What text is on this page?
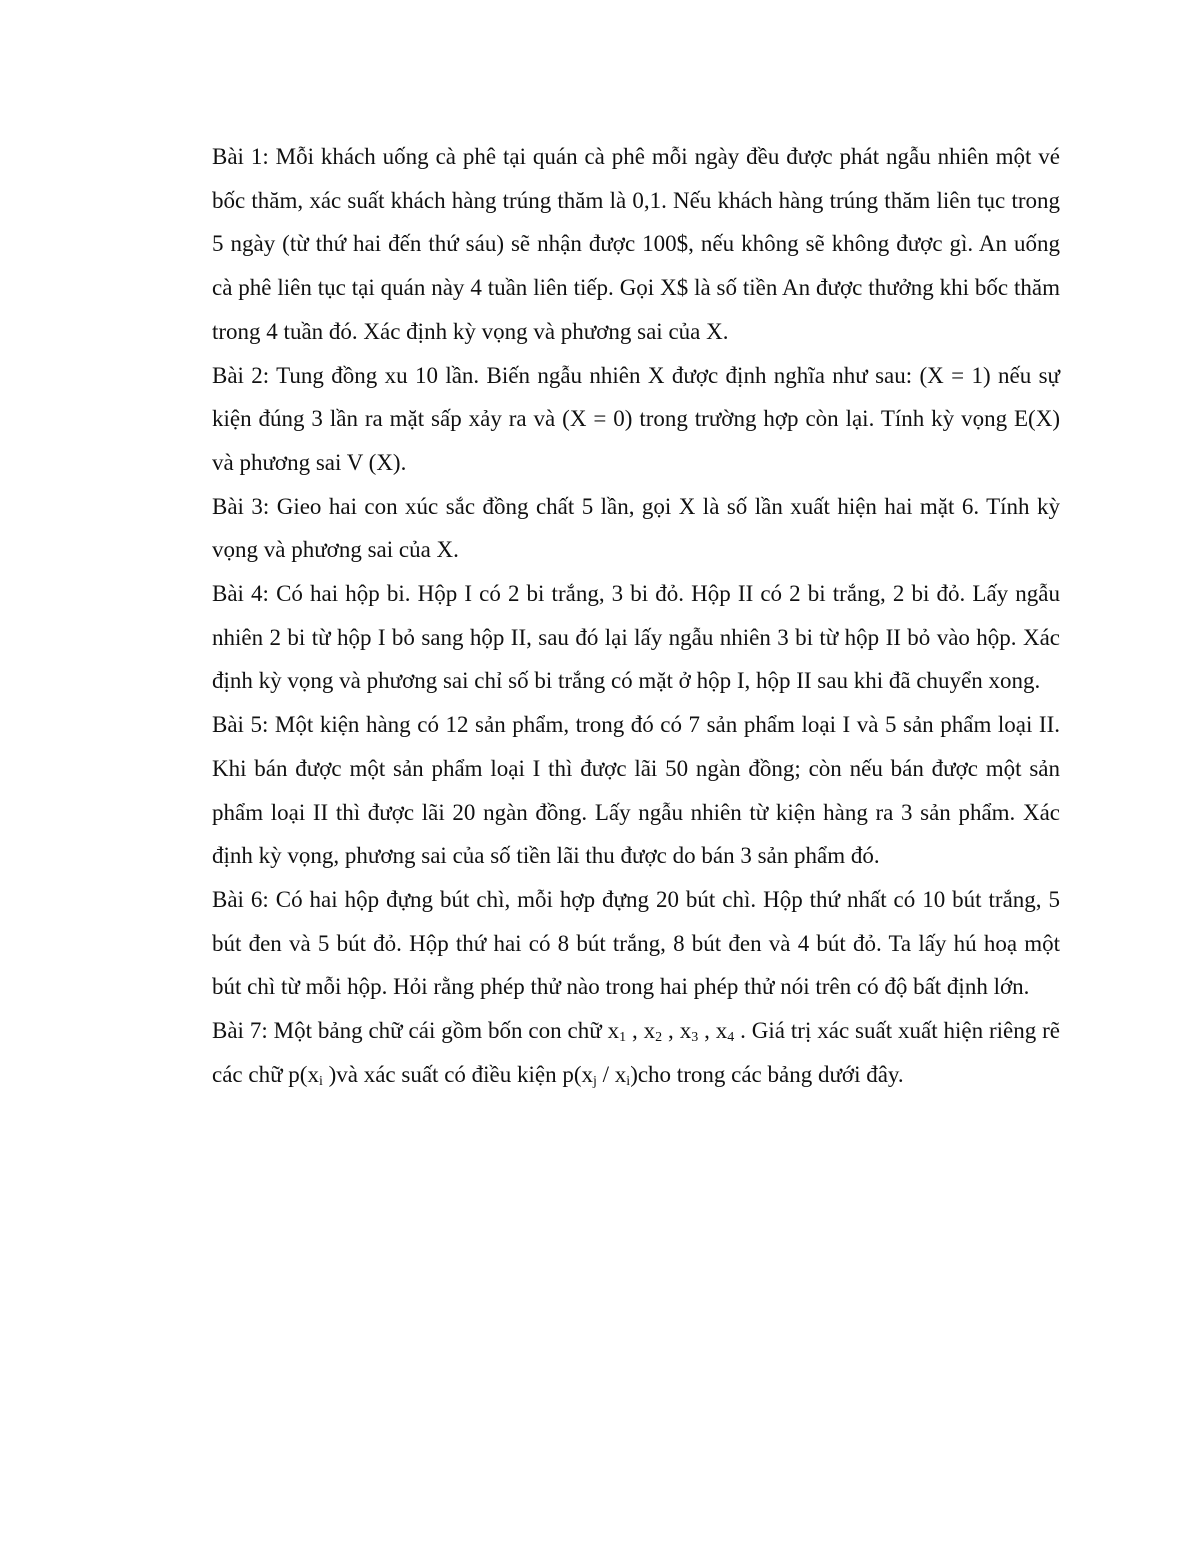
Bài 1: Mỗi khách uống cà phê tại quán cà phê mỗi ngày đều được phát ngẫu nhiên một vé bốc thăm, xác suất khách hàng trúng thăm là 0,1. Nếu khách hàng trúng thăm liên tục trong 5 ngày (từ thứ hai đến thứ sáu) sẽ nhận được 100$, nếu không sẽ không được gì. An uống cà phê liên tục tại quán này 4 tuần liên tiếp. Gọi X$ là số tiền An được thưởng khi bốc thăm trong 4 tuần đó. Xác định kỳ vọng và phương sai của X.

Bài 2: Tung đồng xu 10 lần. Biến ngẫu nhiên X được định nghĩa như sau: (X = 1) nếu sự kiện đúng 3 lần ra mặt sấp xảy ra và (X = 0) trong trường hợp còn lại. Tính kỳ vọng E(X) và phương sai V (X).

Bài 3: Gieo hai con xúc sắc đồng chất 5 lần, gọi X là số lần xuất hiện hai mặt 6. Tính kỳ vọng và phương sai của X.

Bài 4: Có hai hộp bi. Hộp I có 2 bi trắng, 3 bi đỏ. Hộp II có 2 bi trắng, 2 bi đỏ. Lấy ngẫu nhiên 2 bi từ hộp I bỏ sang hộp II, sau đó lại lấy ngẫu nhiên 3 bi từ hộp II bỏ vào hộp. Xác định kỳ vọng và phương sai chỉ số bi trắng có mặt ở hộp I, hộp II sau khi đã chuyển xong.

Bài 5: Một kiện hàng có 12 sản phẩm, trong đó có 7 sản phẩm loại I và 5 sản phẩm loại II. Khi bán được một sản phẩm loại I thì được lãi 50 ngàn đồng; còn nếu bán được một sản phẩm loại II thì được lãi 20 ngàn đồng. Lấy ngẫu nhiên từ kiện hàng ra 3 sản phẩm. Xác định kỳ vọng, phương sai của số tiền lãi thu được do bán 3 sản phẩm đó.

Bài 6: Có hai hộp đựng bút chì, mỗi hợp đựng 20 bút chì. Hộp thứ nhất có 10 bút trắng, 5 bút đen và 5 bút đỏ. Hộp thứ hai có 8 bút trắng, 8 bút đen và 4 bút đỏ. Ta lấy hú hoạ một bút chì từ mỗi hộp. Hỏi rằng phép thử nào trong hai phép thử nói trên có độ bất định lớn.

Bài 7: Một bảng chữ cái gồm bốn con chữ $x_1$ , $x_2$ , $x_3$ , $x_4$ . Giá trị xác suất xuất hiện riêng rẽ các chữ $p(x_i$ )và xác suất có điều kiện $p(x_j / x_i)cho$ trong các bảng dưới đây.
